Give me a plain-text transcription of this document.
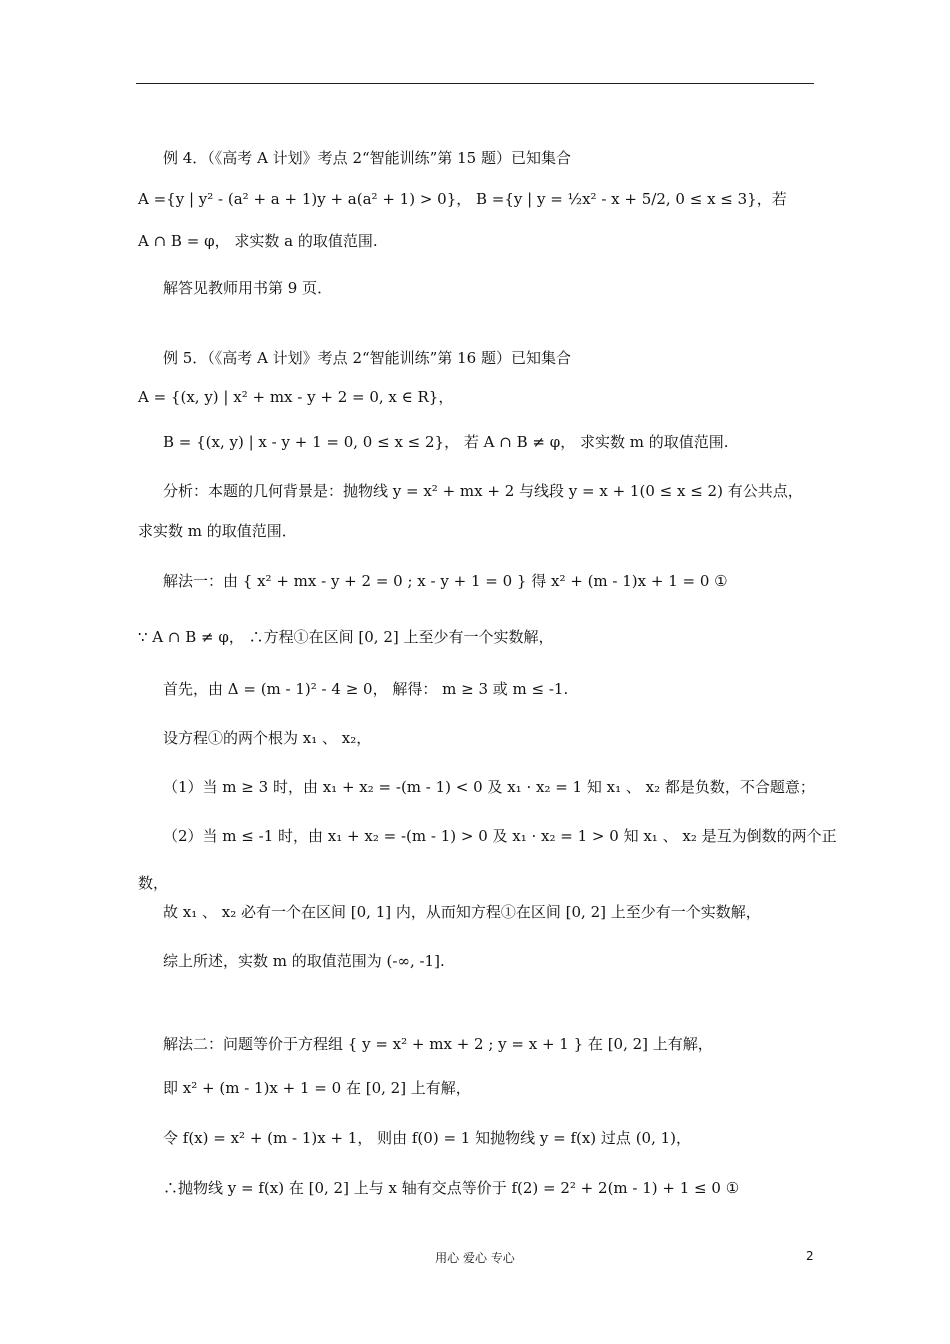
例 4．（《高考 A 计划》考点 2“智能训练”第 15 题）已知集合
A ={y | y² - (a² + a + 1)y + a(a² + 1) > 0}， B ={y | y = ½x² - x + 5/2, 0 ≤ x ≤ 3}，若
A ∩ B = φ， 求实数 a 的取值范围.
解答见教师用书第 9 页．
例 5．（《高考 A 计划》考点 2“智能训练”第 16 题）已知集合
A = {(x, y) | x² + mx - y + 2 = 0, x ∈ R}，
B = {(x, y) | x - y + 1 = 0, 0 ≤ x ≤ 2}， 若 A ∩ B ≠ φ， 求实数 m 的取值范围.
分析：本题的几何背景是：抛物线 y = x² + mx + 2 与线段 y = x + 1(0 ≤ x ≤ 2) 有公共点，
求实数 m 的取值范围．
解法一：由 { x² + mx - y + 2 = 0 ; x - y + 1 = 0 } 得 x² + (m - 1)x + 1 = 0 ①
∵ A ∩ B ≠ φ， ∴方程①在区间 [0, 2] 上至少有一个实数解，
首先，由 Δ = (m - 1)² - 4 ≥ 0， 解得： m ≥ 3 或 m ≤ -1.
设方程①的两个根为 x₁ 、 x₂，
（1）当 m ≥ 3 时，由 x₁ + x₂ = -(m - 1) < 0 及 x₁ · x₂ = 1 知 x₁ 、 x₂ 都是负数，不合题意；
（2）当 m ≤ -1 时，由 x₁ + x₂ = -(m - 1) > 0 及 x₁ · x₂ = 1 > 0 知 x₁ 、 x₂ 是互为倒数的两个正
数，
故 x₁ 、 x₂ 必有一个在区间 [0, 1] 内，从而知方程①在区间 [0, 2] 上至少有一个实数解，
综上所述，实数 m 的取值范围为 (-∞, -1].
解法二：问题等价于方程组 { y = x² + mx + 2 ; y = x + 1 } 在 [0, 2] 上有解，
即 x² + (m - 1)x + 1 = 0 在 [0, 2] 上有解，
令 f(x) = x² + (m - 1)x + 1， 则由 f(0) = 1 知抛物线 y = f(x) 过点 (0, 1)，
∴抛物线 y = f(x) 在 [0, 2] 上与 x 轴有交点等价于 f(2) = 2² + 2(m - 1) + 1 ≤ 0 ①
用心 爱心 专心	2
